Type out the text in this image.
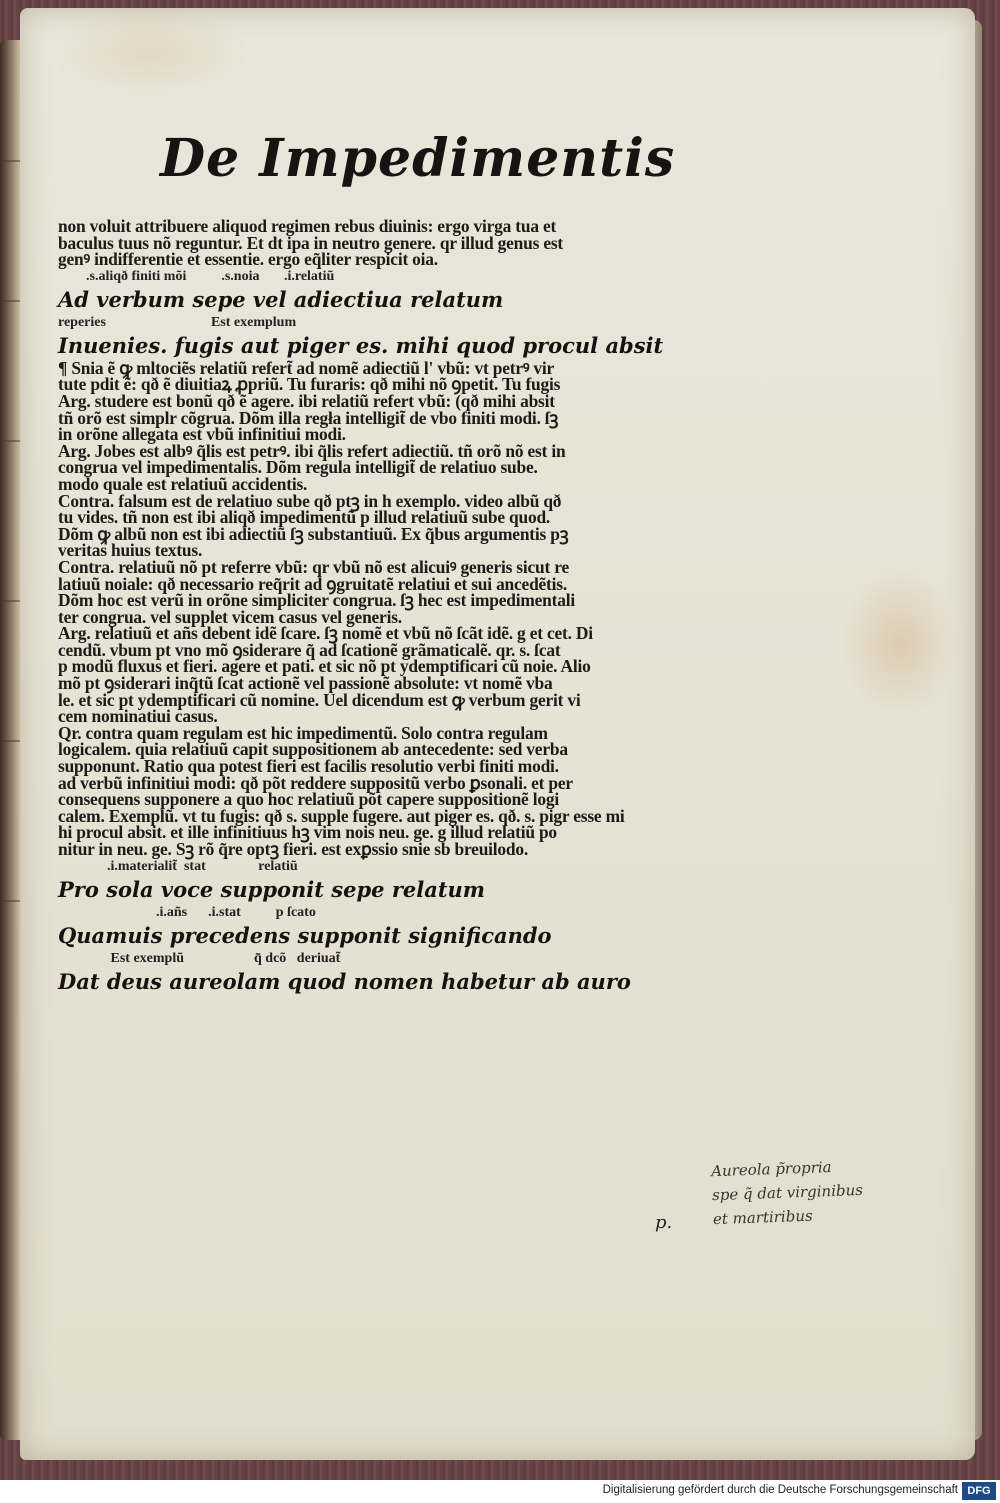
De Impedimentis
non voluit attribuere aliquod regimen rebus diuinis: ergo virga tua et
baculus tuus nõ reguntur. Et dt ipa in neutro genere. qr illud genus est
genꝰ indifferentie et essentie. ergo eq̃liter respicit oia.
.s.aliqð finiti mõi          .s.noia       .i.relatiũ
Ad verbum sepe vel adiectiua relatum
reperies                              Est exemplum
Inuenies. fugis aut piger es. mihi quod procul absit
¶ Snia ẽ ꝙ mltociẽs relatiũ refert̃ ad nomẽ adiectiũ l' vbũ: vt petrꝰ vir
tute pdit ẽ: qð ẽ diuitiaꝝ ꝓpriũ. Tu furaris: qð mihi nõ ꝯpetit. Tu fugis
Arg. studere est bonũ qð ẽ agere. ibi relatiũ refert vbũ: (qð mihi absit
tñ orõ est simplr cõgrua. Dõm illa regła intelligit̃ de vbo finiti modi. ſꝫ
in orõne allegata est vbũ infinitiui modi.
Arg. Jobes est albꝰ q̃lis est petrꝰ. ibi q̃lis refert adiectiũ. tñ orõ nõ est in
congrua vel impedimentalis. Dõm regula intelligit̃ de relatiuo sube.
modo quale est relatiuũ accidentis.
Contra. falsum est de relatiuo sube qð ptꝫ in h exemplo. video albũ qð
tu vides. tñ non est ibi aliqð impedimentũ p illud relatiuũ sube quod.
Dõm ꝙ albũ non est ibi adiectiũ ſꝫ substantiuũ. Ex q̃bus argumentis pꝫ
veritas huius textus.
Contra. relatiuũ nõ pt referre vbũ: qr vbũ nõ est alicuiꝰ generis sicut re
latiuũ noiale: qð necessario req̃rit ad ꝯgruitatẽ relatiui et sui ancedẽtis.
Dõm hoc est verũ in orõne simpliciter congrua. ſꝫ hec est impedimentali
ter congrua. vel supplet vicem casus vel generis.
Arg. relatiuũ et añs debent idẽ ſcare. ſꝫ nomẽ et vbũ nõ ſcãt idẽ. g et cet. Di
cendũ. vbum pt vno mõ ꝯsiderare q̃ ad ſcationẽ grãmaticalẽ. qr. s. ſcat
p modũ fluxus et fieri. agere et pati. et sic nõ pt ydemptificari cũ noie. Alio
mõ pt ꝯsiderari inq̃tũ ſcat actionẽ vel passionẽ absolute: vt nomẽ vba
le. et sic pt ydemptificari cũ nomine. Uel dicendum est ꝙ verbum gerit vi
cem nominatiui casus.
Qr. contra quam regulam est hic impedimentũ. Solo contra regulam
logicalem. quia relatiuũ capit suppositionem ab antecedente: sed verba
supponunt. Ratio qua potest fieri est facilis resolutio verbi finiti modi.
ad verbũ infinitiui modi: qð põt reddere suppositũ verbo ꝑsonali. et per
consequens supponere a quo hoc relatiuũ põt capere suppositionẽ logi
calem. Exemplũ. vt tu fugis: qð s. supple fugere. aut piger es. qð. s. pigr esse mi
hi procul absit. et ille infinitiuus hꝫ vim nois neu. ge. g illud relatiũ po
nitur in neu. ge. Sꝫ rõ q̃re optꝫ fieri. est exꝑssio snie sb breuilodo.
.i.materialit̃  stat               relatiũ
Pro sola voce supponit sepe relatum
.i.añs      .i.stat          p ſcato
Quamuis precedens supponit significando
Est exemplũ                    q̃ dcõ   deriuat̃
Dat deus aureolam quod nomen habetur ab auro
Aureola p̃ropria
spe q̃ dat virginibus
et martiribus
p.
Digitalisierung gefördert durch die Deutsche Forschungsgemeinschaft DFG
